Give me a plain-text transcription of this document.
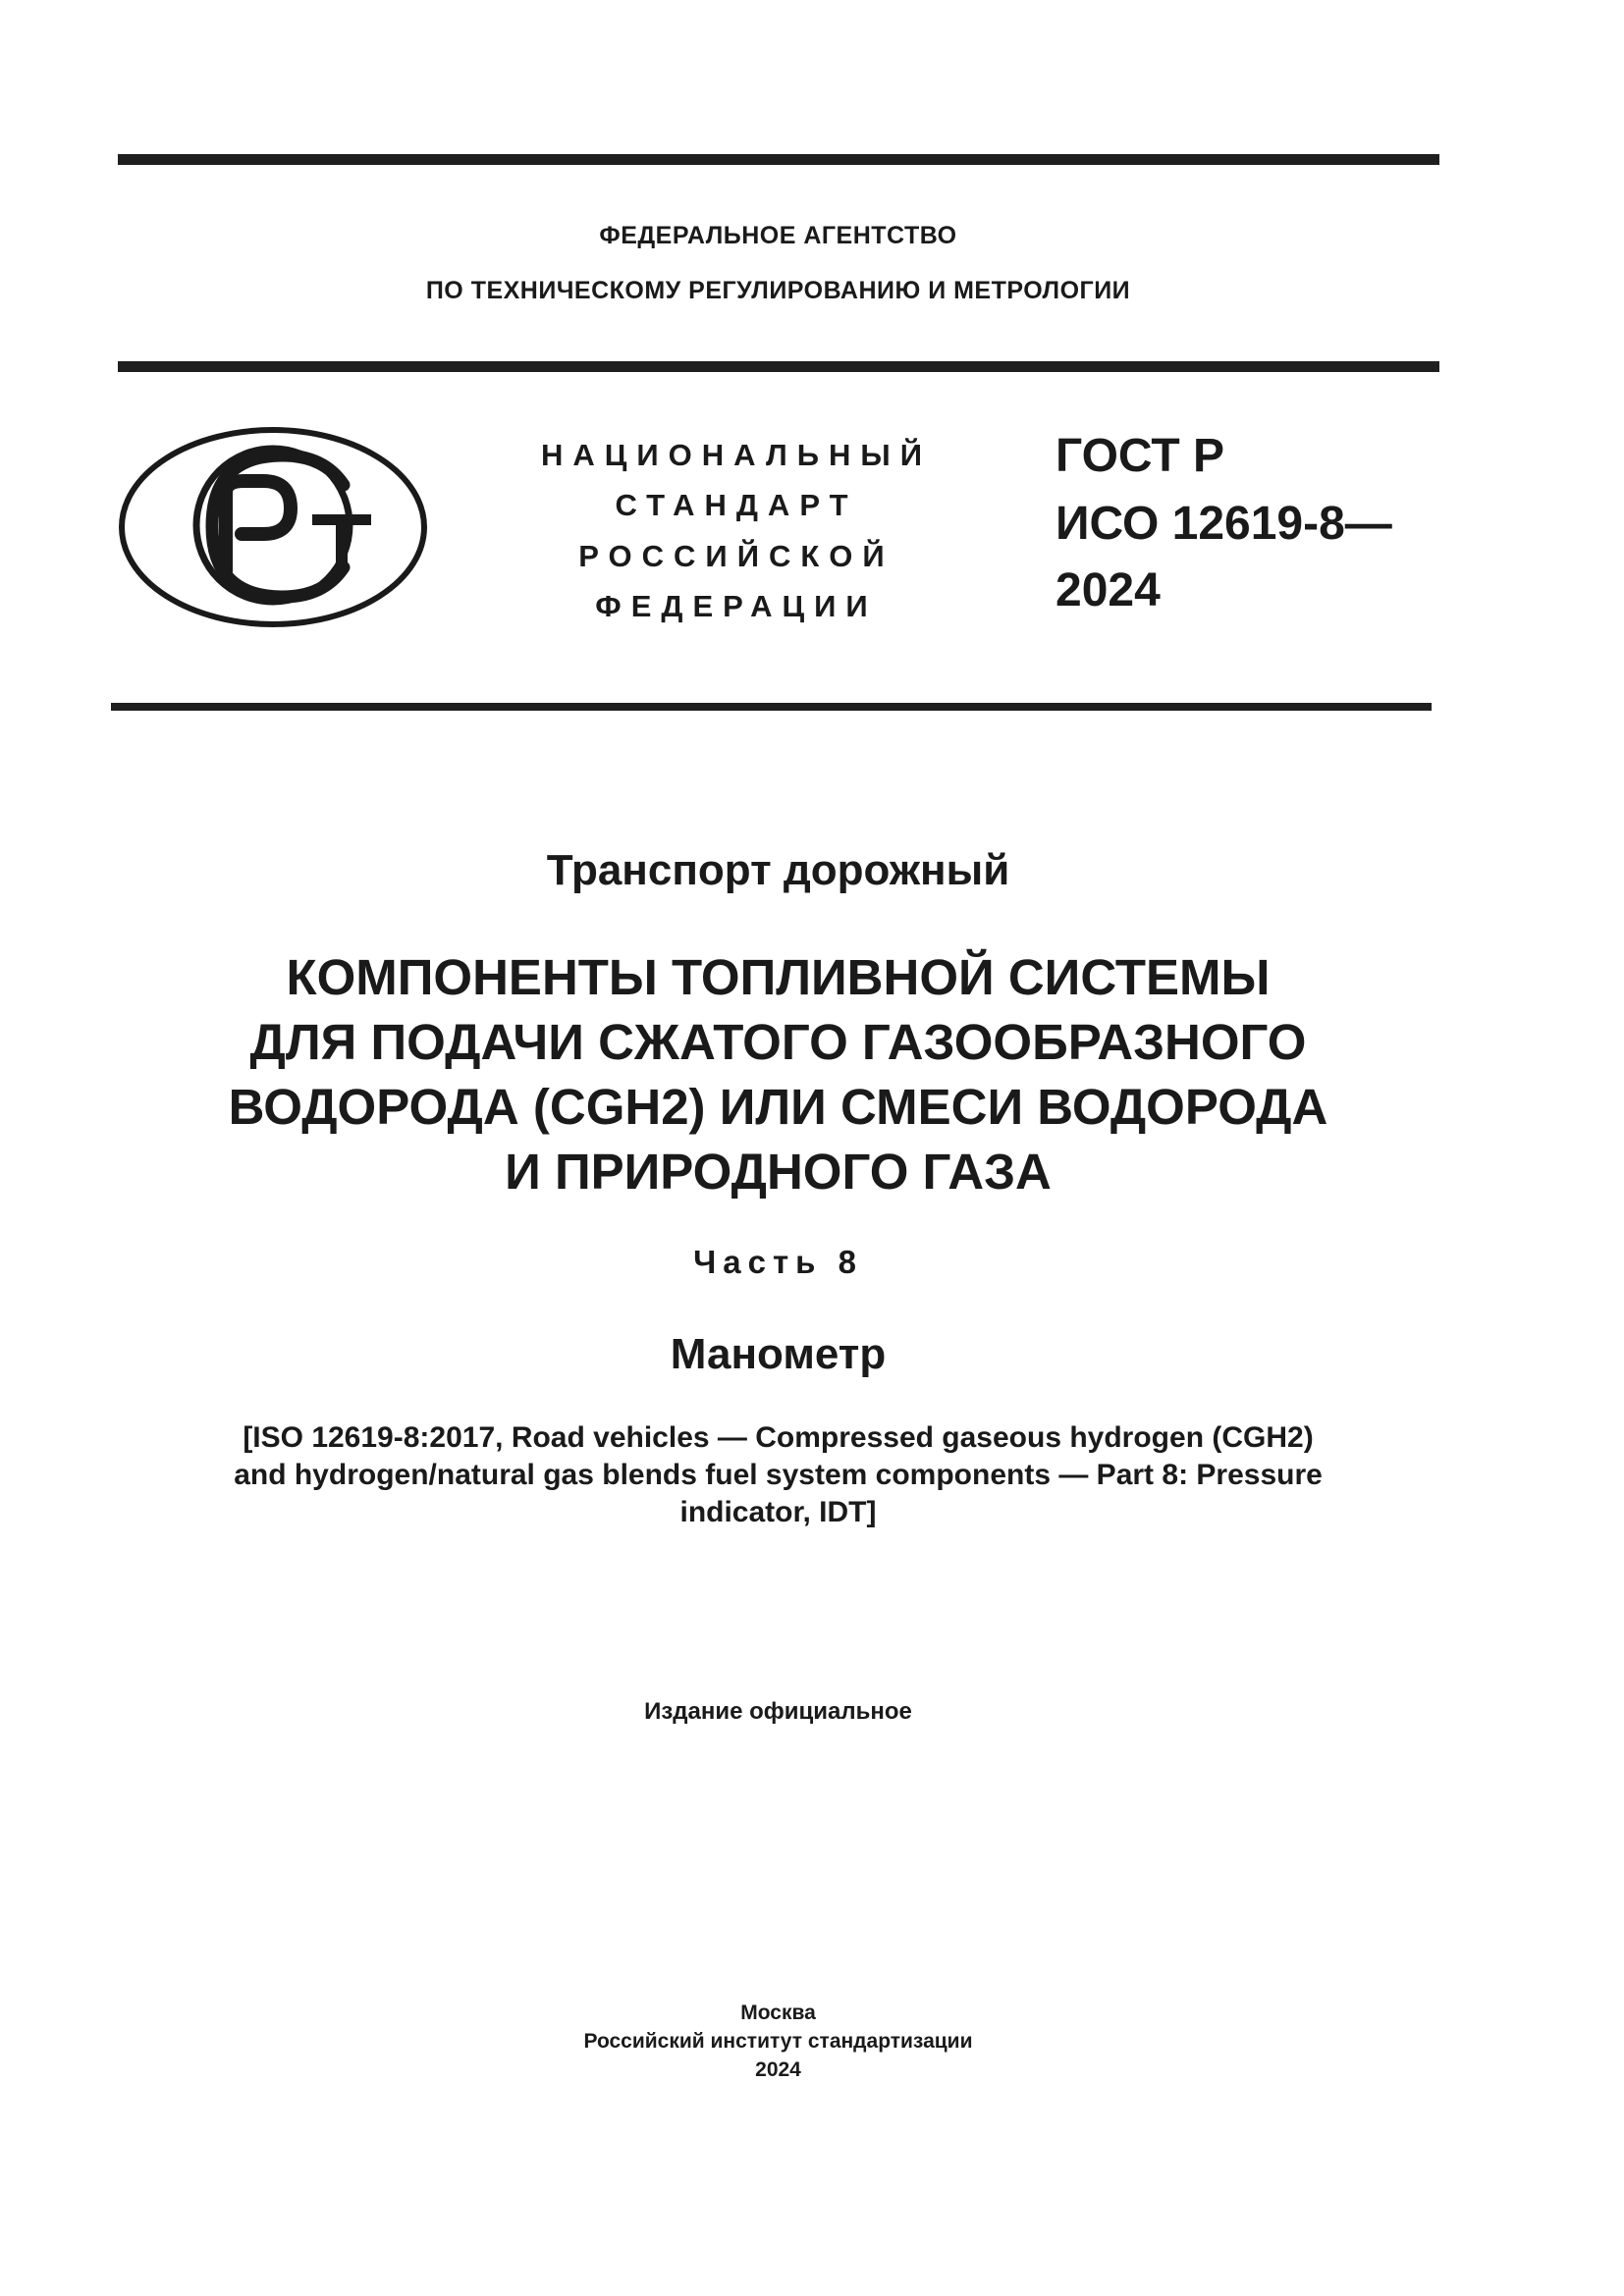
ФЕДЕРАЛЬНОЕ АГЕНТСТВО
ПО ТЕХНИЧЕСКОМУ РЕГУЛИРОВАНИЮ И МЕТРОЛОГИИ
НАЦИОНАЛЬНЫЙ
СТАНДАРТ
РОССИЙСКОЙ
ФЕДЕРАЦИИ
ГОСТ Р
ИСО 12619-8—
2024
Транспорт дорожный
КОМПОНЕНТЫ ТОПЛИВНОЙ СИСТЕМЫ
ДЛЯ ПОДАЧИ СЖАТОГО ГАЗООБРАЗНОГО
ВОДОРОДА (CGH2) ИЛИ СМЕСИ ВОДОРОДА
И ПРИРОДНОГО ГАЗА
Часть 8
Манометр
[ISO 12619-8:2017, Road vehicles — Compressed gaseous hydrogen (CGH2)
and hydrogen/natural gas blends fuel system components — Part 8: Pressure
indicator, IDT]
Издание официальное
Москва
Российский институт стандартизации
2024
